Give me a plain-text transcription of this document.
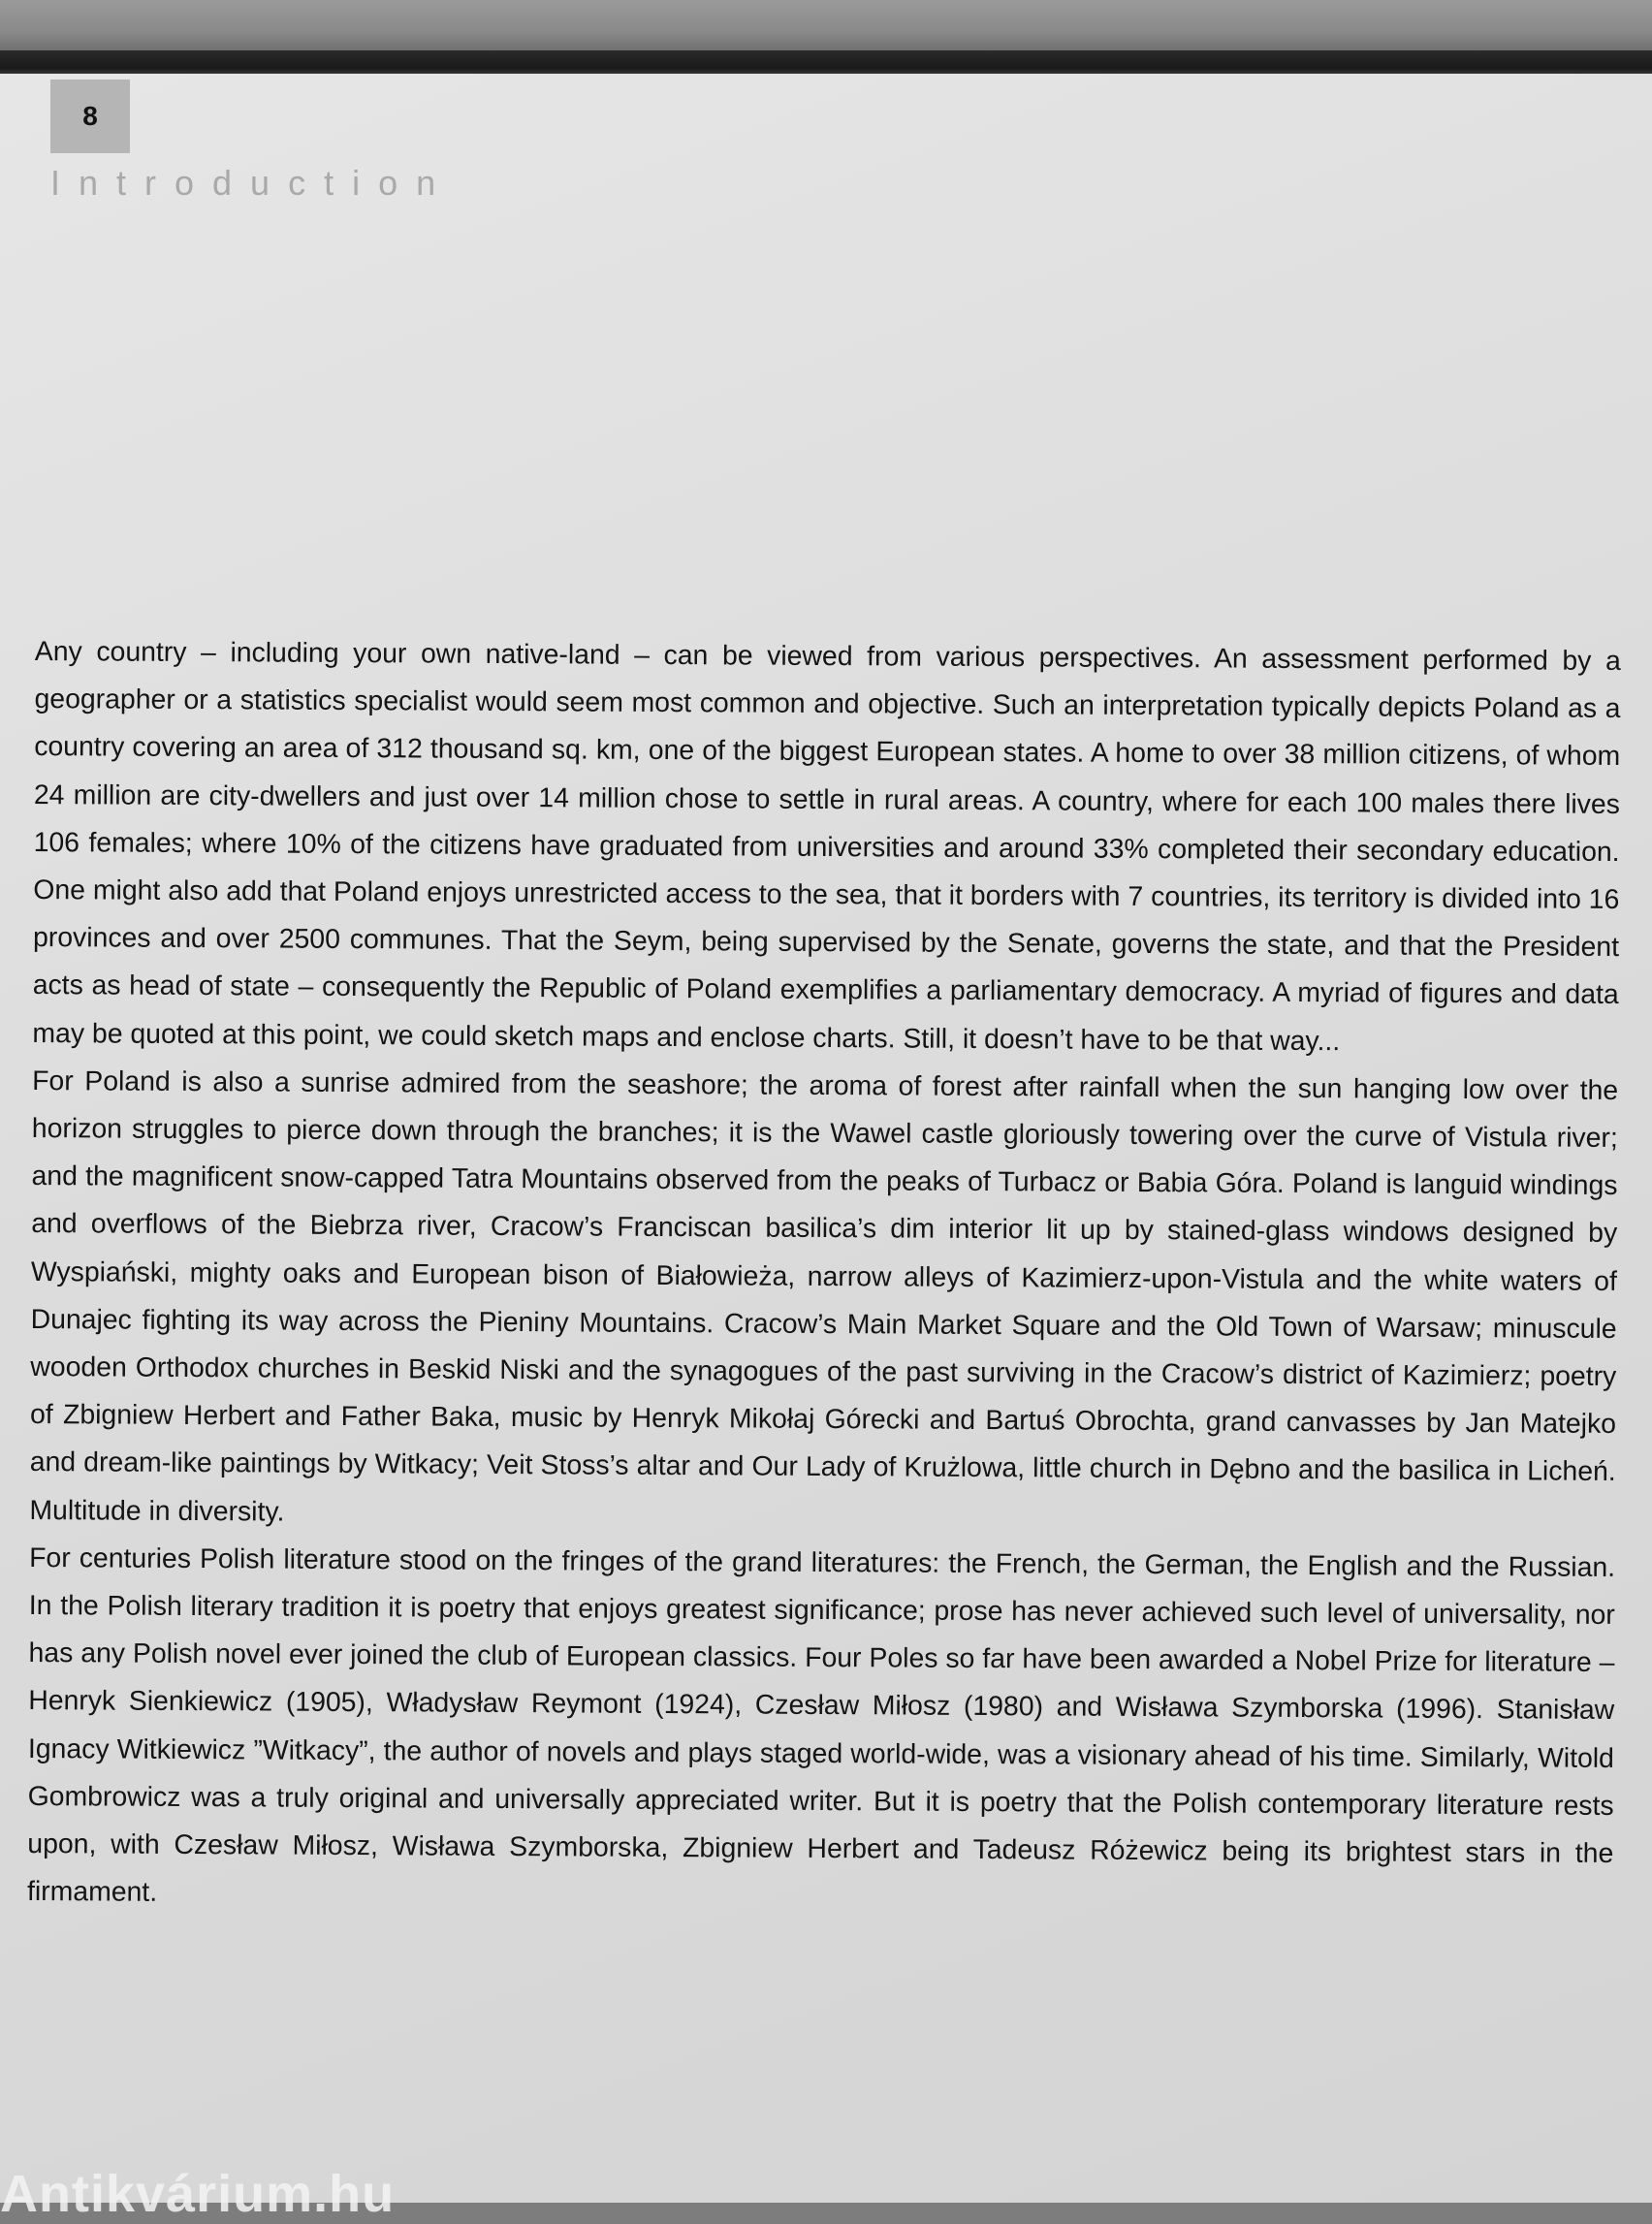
8
Introduction

Any country – including your own native-land – can be viewed from various perspectives. An assessment performed by a geographer or a statistics specialist would seem most common and objective. Such an interpretation typically depicts Poland as a country covering an area of 312 thousand sq. km, one of the biggest European states. A home to over 38 million citizens, of whom 24 million are city-dwellers and just over 14 million chose to settle in rural areas. A country, where for each 100 males there lives 106 females; where 10% of the citizens have graduated from universities and around 33% completed their secondary education. One might also add that Poland enjoys unrestricted access to the sea, that it borders with 7 countries, its territory is divided into 16 provinces and over 2500 communes. That the Seym, being supervised by the Senate, governs the state, and that the President acts as head of state – consequently the Republic of Poland exemplifies a parliamentary democracy. A myriad of figures and data may be quoted at this point, we could sketch maps and enclose charts. Still, it doesn’t have to be that way...

For Poland is also a sunrise admired from the seashore; the aroma of forest after rainfall when the sun hanging low over the horizon struggles to pierce down through the branches; it is the Wawel castle gloriously towering over the curve of Vistula river; and the magnificent snow-capped Tatra Mountains observed from the peaks of Turbacz or Babia Góra. Poland is languid windings and overflows of the Biebrza river, Cracow’s Franciscan basilica’s dim interior lit up by stained-glass windows designed by Wyspiański, mighty oaks and European bison of Białowieża, narrow alleys of Kazimierz-upon-Vistula and the white waters of Dunajec fighting its way across the Pieniny Mountains. Cracow’s Main Market Square and the Old Town of Warsaw; minuscule wooden Orthodox churches in Beskid Niski and the synagogues of the past surviving in the Cracow’s district of Kazimierz; poetry of Zbigniew Herbert and Father Baka, music by Henryk Mikołaj Górecki and Bartuś Obrochta, grand canvasses by Jan Matejko and dream-like paintings by Witkacy; Veit Stoss’s altar and Our Lady of Krużlowa, little church in Dębno and the basilica in Licheń. Multitude in diversity.

For centuries Polish literature stood on the fringes of the grand literatures: the French, the German, the English and the Russian. In the Polish literary tradition it is poetry that enjoys greatest significance; prose has never achieved such level of universality, nor has any Polish novel ever joined the club of European classics. Four Poles so far have been awarded a Nobel Prize for literature – Henryk Sienkiewicz (1905), Władysław Reymont (1924), Czesław Miłosz (1980) and Wisława Szymborska (1996). Stanisław Ignacy Witkiewicz ”Witkacy”, the author of novels and plays staged world-wide, was a visionary ahead of his time. Similarly, Witold Gombrowicz was a truly original and universally appreciated writer. But it is poetry that the Polish contemporary literature rests upon, with Czesław Miłosz, Wisława Szymborska, Zbigniew Herbert and Tadeusz Różewicz being its brightest stars in the firmament.

Antikvárium.hu
